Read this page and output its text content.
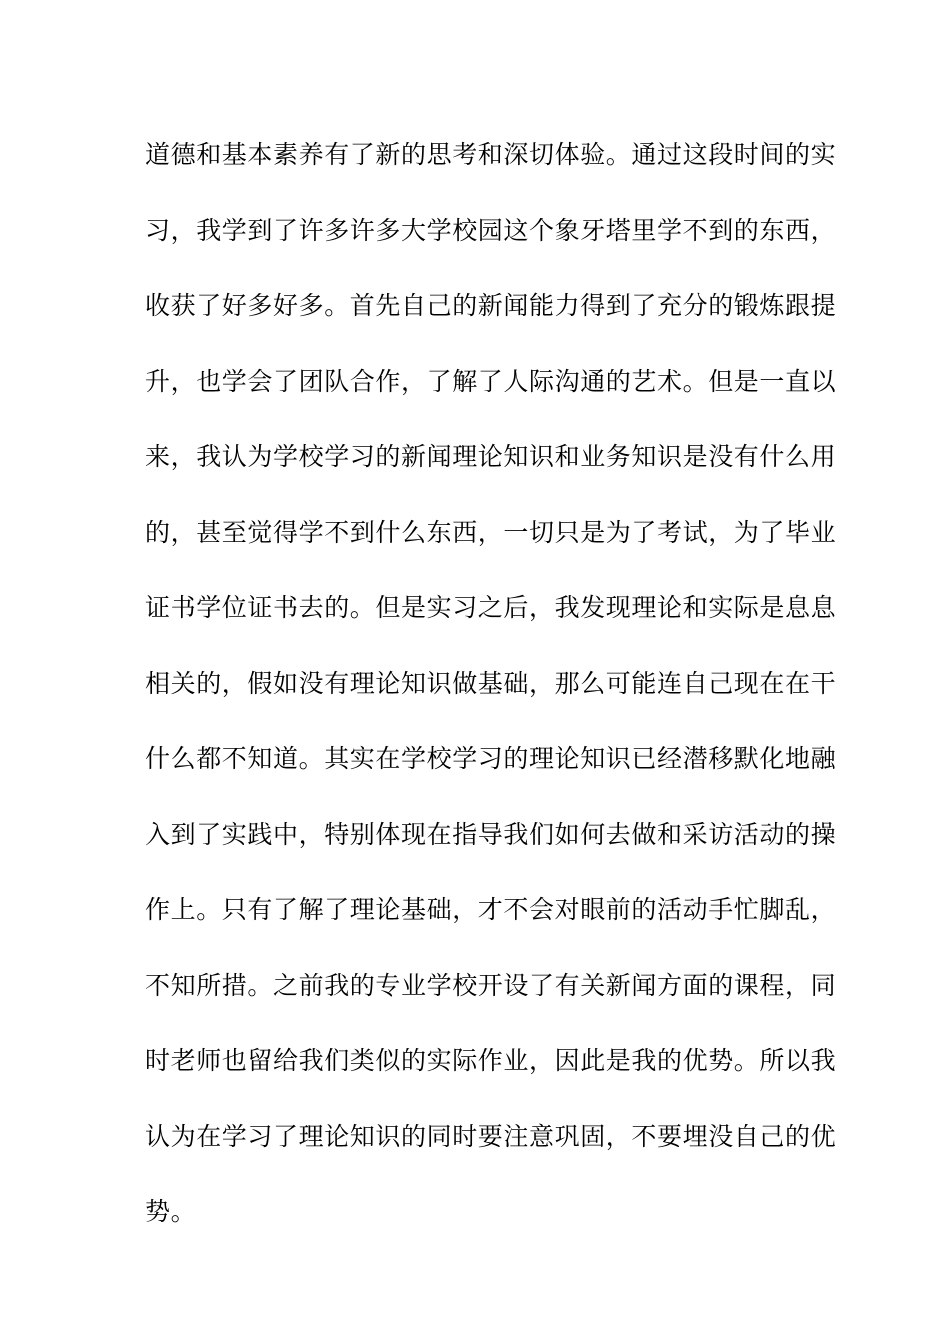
道德和基本素养有了新的思考和深切体验。通过这段时间的实
习，我学到了许多许多大学校园这个象牙塔里学不到的东西，
收获了好多好多。首先自己的新闻能力得到了充分的锻炼跟提
升，也学会了团队合作，了解了人际沟通的艺术。但是一直以
来，我认为学校学习的新闻理论知识和业务知识是没有什么用
的，甚至觉得学不到什么东西，一切只是为了考试，为了毕业
证书学位证书去的。但是实习之后，我发现理论和实际是息息
相关的，假如没有理论知识做基础，那么可能连自己现在在干
什么都不知道。其实在学校学习的理论知识已经潜移默化地融
入到了实践中，特别体现在指导我们如何去做和采访活动的操
作上。只有了解了理论基础，才不会对眼前的活动手忙脚乱，
不知所措。之前我的专业学校开设了有关新闻方面的课程，同
时老师也留给我们类似的实际作业，因此是我的优势。所以我
认为在学习了理论知识的同时要注意巩固，不要埋没自己的优
势。
